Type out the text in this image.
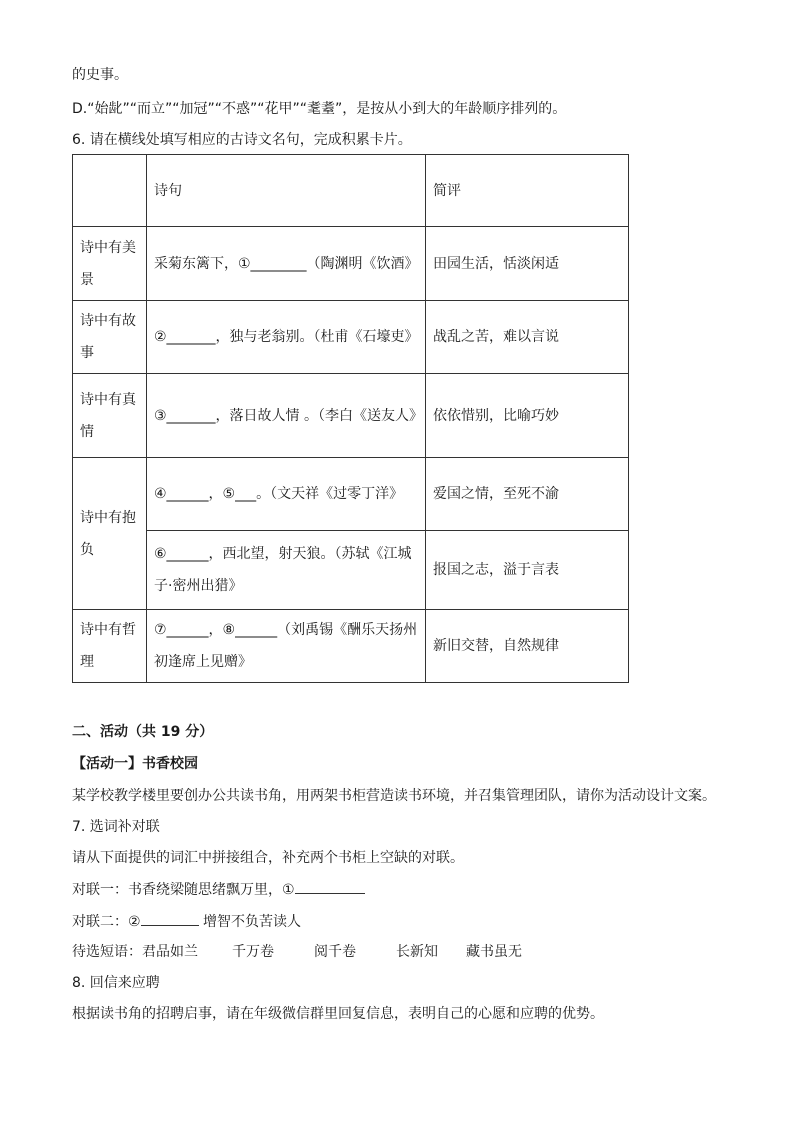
的史事。
D.“始龀”“而立”“加冠”“不惑”“花甲”“耄耋”，是按从小到大的年龄顺序排列的。
6. 请在横线处填写相应的古诗文名句，完成积累卡片。
	诗句	简评
诗中有美景	采菊东篱下，①________（陶渊明《饮酒》	田园生活，恬淡闲适
诗中有故事	②_______，独与老翁别。（杜甫《石壕吏》	战乱之苦，难以言说
诗中有真情	③_______，落日故人情 。（李白《送友人》	依依惜别，比喻巧妙
诗中有抱负	④______，⑤___。（文天祥《过零丁洋》	爱国之情，至死不渝
	⑥______，西北望，射天狼。（苏轼《江城子·密州出猎》	报国之志，溢于言表
诗中有哲理	⑦______，⑧______（刘禹锡《酬乐天扬州初逢席上见赠》	新旧交替，自然规律
二、活动（共 19 分）
【活动一】书香校园
某学校教学楼里要创办公共读书角，用两架书柜营造读书环境，并召集管理团队，请你为活动设计文案。
7. 选词补对联
请从下面提供的词汇中拼接组合，补充两个书柜上空缺的对联。
对联一：书香绕梁随思绪飘万里，①
对联二：②	增智不负苦读人
待选短语：君品如兰 千万卷	阅千卷	长新知 藏书虽无
8. 回信来应聘
根据读书角的招聘启事，请在年级微信群里回复信息，表明自己的心愿和应聘的优势。
